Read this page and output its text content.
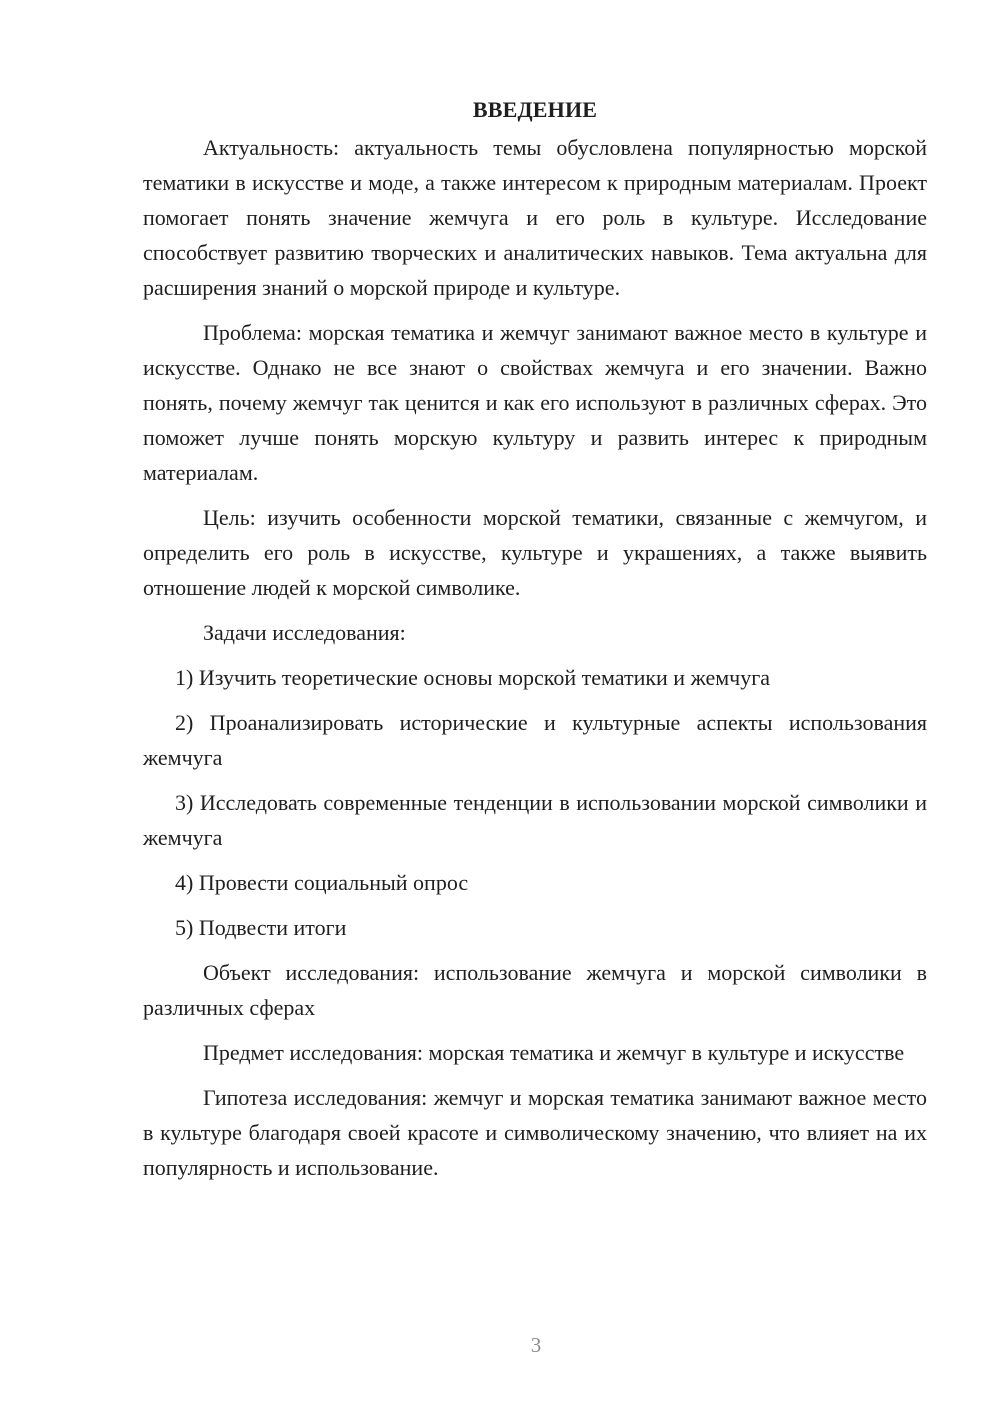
ВВЕДЕНИЕ

Актуальность: актуальность темы обусловлена популярностью морской тематики в искусстве и моде, а также интересом к природным материалам. Проект помогает понять значение жемчуга и его роль в культуре. Исследование способствует развитию творческих и аналитических навыков. Тема актуальна для расширения знаний о морской природе и культуре.

Проблема: морская тематика и жемчуг занимают важное место в культуре и искусстве. Однако не все знают о свойствах жемчуга и его значении. Важно понять, почему жемчуг так ценится и как его используют в различных сферах. Это поможет лучше понять морскую культуру и развить интерес к природным материалам.

Цель: изучить особенности морской тематики, связанные с жемчугом, и определить его роль в искусстве, культуре и украшениях, а также выявить отношение людей к морской символике.

Задачи исследования:

1) Изучить теоретические основы морской тематики и жемчуга

2) Проанализировать исторические и культурные аспекты использования жемчуга

3) Исследовать современные тенденции в использовании морской символики и жемчуга

4) Провести социальный опрос

5) Подвести итоги

Объект исследования: использование жемчуга и морской символики в различных сферах

Предмет исследования: морская тематика и жемчуг в культуре и искусстве

Гипотеза исследования: жемчуг и морская тематика занимают важное место в культуре благодаря своей красоте и символическому значению, что влияет на их популярность и использование.

3
